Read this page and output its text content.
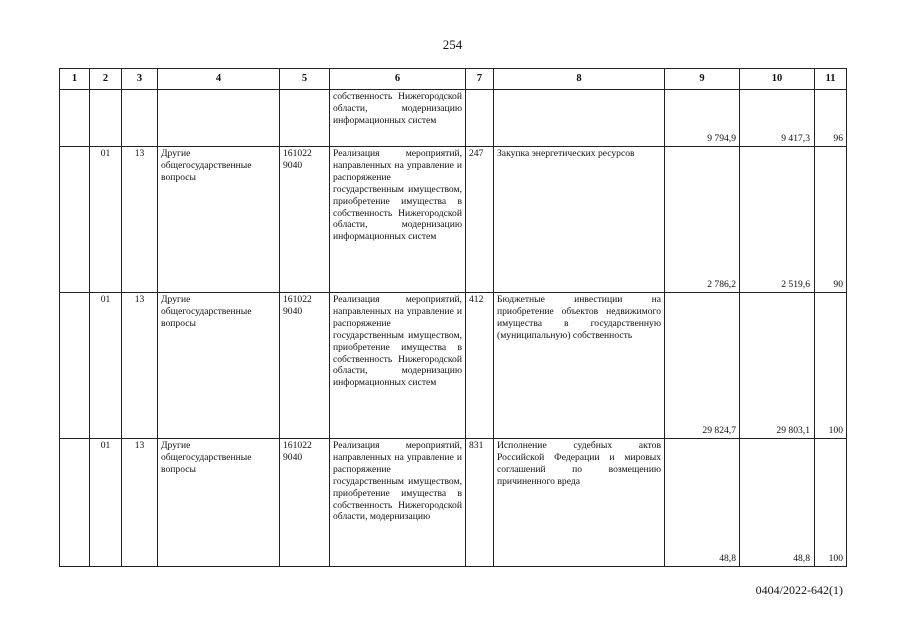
254
1	2	3	4	5	6	7	8	9	10	11
					собственность Нижегородской области, модернизацию информационных систем			9 794,9	9 417,3	96
	01	13	Другие общегосударственные вопросы	161022 9040	Реализация мероприятий, направленных на управление и распоряжение государственным имуществом, приобретение имущества в собственность Нижегородской области, модернизацию информационных систем	247	Закупка энергетических ресурсов	2 786,2	2 519,6	90
	01	13	Другие общегосударственные вопросы	161022 9040	Реализация мероприятий, направленных на управление и распоряжение государственным имуществом, приобретение имущества в собственность Нижегородской области, модернизацию информационных систем	412	Бюджетные инвестиции на приобретение объектов недвижимого имущества в государственную (муниципальную) собственность	29 824,7	29 803,1	100
	01	13	Другие общегосударственные вопросы	161022 9040	Реализация мероприятий, направленных на управление и распоряжение государственным имуществом, приобретение имущества в собственность Нижегородской области, модернизацию	831	Исполнение судебных актов Российской Федерации и мировых соглашений по возмещению причиненного вреда	48,8	48,8	100
0404/2022-642(1)
